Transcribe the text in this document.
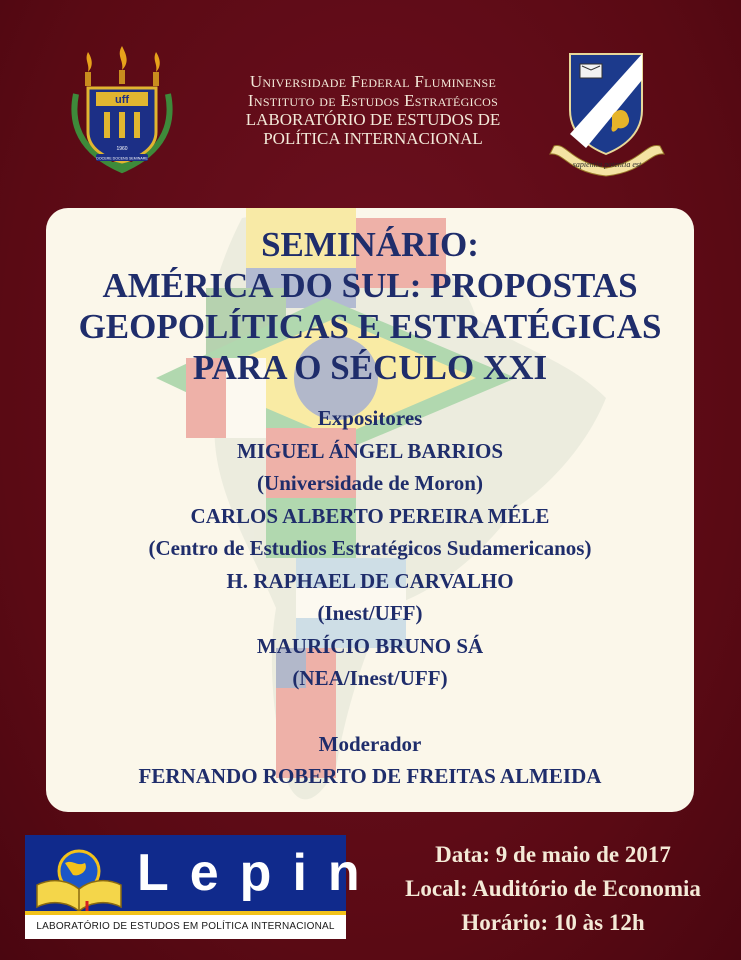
uff
1960
DOCERE DOCENS SEMINARE
Universidade Federal Fluminense
Instituto de Estudos Estratégicos
LABORATÓRIO DE ESTUDOS DE
POLÍTICA INTERNACIONAL
sapientia potentia est
SEMINÁRIO:
AMÉRICA DO SUL: PROPOSTAS
GEOPOLÍTICAS E ESTRATÉGICAS
PARA O SÉCULO XXI
Expositores
MIGUEL ÁNGEL BARRIOS
(Universidade de Moron)
CARLOS ALBERTO PEREIRA MÉLE
(Centro de Estudios Estratégicos Sudamericanos)
H. RAPHAEL DE CARVALHO
(Inest/UFF)
MAURÍCIO BRUNO SÁ
(NEA/Inest/UFF)
Moderador
FERNANDO ROBERTO DE FREITAS ALMEIDA
Lepin
LABORATÓRIO DE ESTUDOS EM POLÍTICA INTERNACIONAL
Data: 9 de maio de 2017
Local: Auditório de Economia
Horário: 10 às 12h
